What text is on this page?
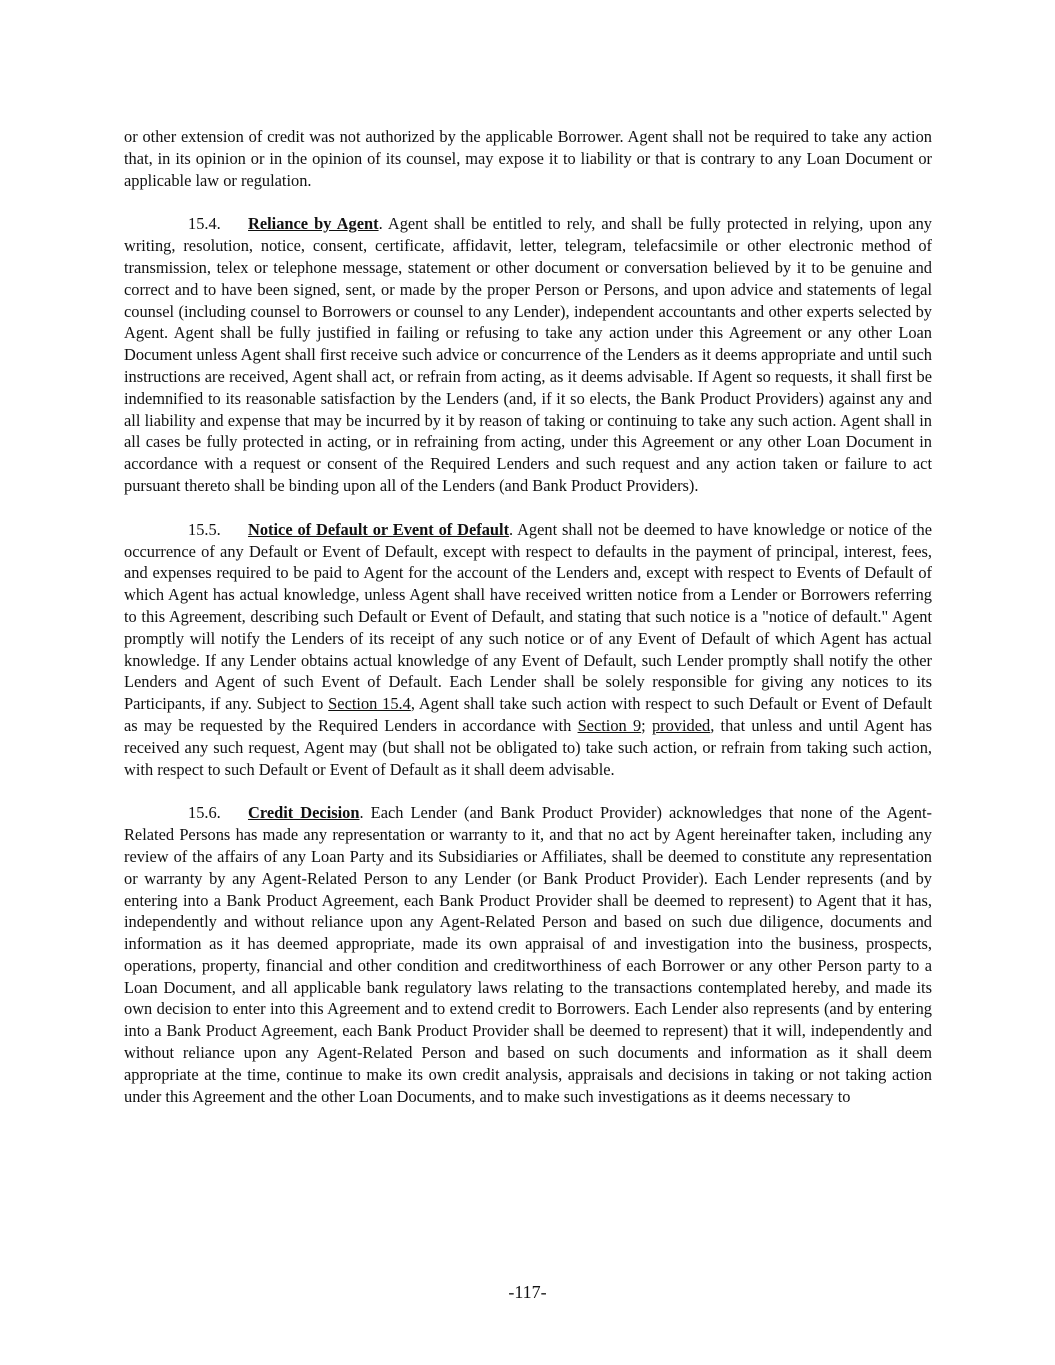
or other extension of credit was not authorized by the applicable Borrower. Agent shall not be required to take any action that, in its opinion or in the opinion of its counsel, may expose it to liability or that is contrary to any Loan Document or applicable law or regulation.

15.4. Reliance by Agent. Agent shall be entitled to rely, and shall be fully protected in relying, upon any writing, resolution, notice, consent, certificate, affidavit, letter, telegram, telefacsimile or other electronic method of transmission, telex or telephone message, statement or other document or conversation believed by it to be genuine and correct and to have been signed, sent, or made by the proper Person or Persons, and upon advice and statements of legal counsel (including counsel to Borrowers or counsel to any Lender), independent accountants and other experts selected by Agent. Agent shall be fully justified in failing or refusing to take any action under this Agreement or any other Loan Document unless Agent shall first receive such advice or concurrence of the Lenders as it deems appropriate and until such instructions are received, Agent shall act, or refrain from acting, as it deems advisable. If Agent so requests, it shall first be indemnified to its reasonable satisfaction by the Lenders (and, if it so elects, the Bank Product Providers) against any and all liability and expense that may be incurred by it by reason of taking or continuing to take any such action. Agent shall in all cases be fully protected in acting, or in refraining from acting, under this Agreement or any other Loan Document in accordance with a request or consent of the Required Lenders and such request and any action taken or failure to act pursuant thereto shall be binding upon all of the Lenders (and Bank Product Providers).

15.5. Notice of Default or Event of Default. Agent shall not be deemed to have knowledge or notice of the occurrence of any Default or Event of Default, except with respect to defaults in the payment of principal, interest, fees, and expenses required to be paid to Agent for the account of the Lenders and, except with respect to Events of Default of which Agent has actual knowledge, unless Agent shall have received written notice from a Lender or Borrowers referring to this Agreement, describing such Default or Event of Default, and stating that such notice is a "notice of default." Agent promptly will notify the Lenders of its receipt of any such notice or of any Event of Default of which Agent has actual knowledge. If any Lender obtains actual knowledge of any Event of Default, such Lender promptly shall notify the other Lenders and Agent of such Event of Default. Each Lender shall be solely responsible for giving any notices to its Participants, if any. Subject to Section 15.4, Agent shall take such action with respect to such Default or Event of Default as may be requested by the Required Lenders in accordance with Section 9; provided, that unless and until Agent has received any such request, Agent may (but shall not be obligated to) take such action, or refrain from taking such action, with respect to such Default or Event of Default as it shall deem advisable.

15.6. Credit Decision. Each Lender (and Bank Product Provider) acknowledges that none of the Agent-Related Persons has made any representation or warranty to it, and that no act by Agent hereinafter taken, including any review of the affairs of any Loan Party and its Subsidiaries or Affiliates, shall be deemed to constitute any representation or warranty by any Agent-Related Person to any Lender (or Bank Product Provider). Each Lender represents (and by entering into a Bank Product Agreement, each Bank Product Provider shall be deemed to represent) to Agent that it has, independently and without reliance upon any Agent-Related Person and based on such due diligence, documents and information as it has deemed appropriate, made its own appraisal of and investigation into the business, prospects, operations, property, financial and other condition and creditworthiness of each Borrower or any other Person party to a Loan Document, and all applicable bank regulatory laws relating to the transactions contemplated hereby, and made its own decision to enter into this Agreement and to extend credit to Borrowers. Each Lender also represents (and by entering into a Bank Product Agreement, each Bank Product Provider shall be deemed to represent) that it will, independently and without reliance upon any Agent-Related Person and based on such documents and information as it shall deem appropriate at the time, continue to make its own credit analysis, appraisals and decisions in taking or not taking action under this Agreement and the other Loan Documents, and to make such investigations as it deems necessary to

-117-
